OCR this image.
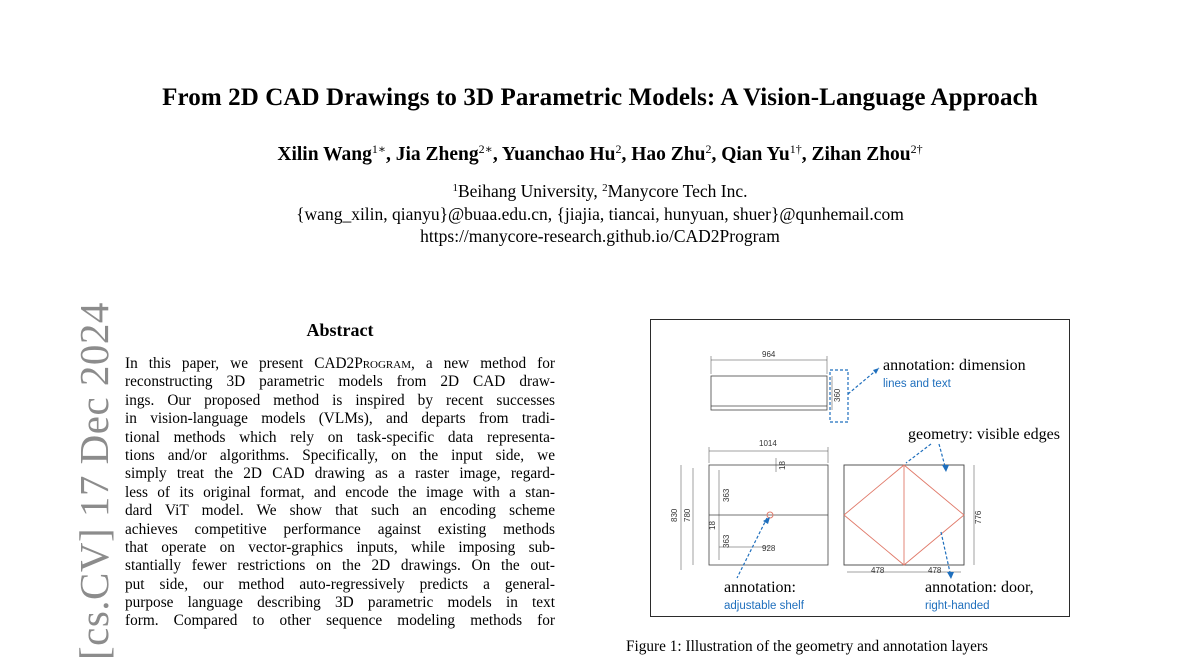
From 2D CAD Drawings to 3D Parametric Models: A Vision-Language Approach
Xilin Wang$^{1∗}$, Jia Zheng$^{2∗}$, Yuanchao Hu$^2$, Hao Zhu$^2$, Qian $Yu^{1\dagger}$, Zihan Zhou$^{2\dagger}$
$^1$Beihang University, $^2$Manycore Tech Inc.
{wang_xilin, qianyu}@buaa.edu.cn, {jiajia, tiancai, hunyuan, shuer}@qunhemail.com
https://manycore-research.github.io/CAD2Program
[cs.CV] 17 Dec 2024	Abstract
In this paper, we present CAD2Program, a new method for
reconstructing 3D parametric models from 2D CAD draw-
ings. Our proposed method is inspired by recent successes
in vision-language models (VLMs), and departs from tradi-
tional methods which rely on task-specific data representa-
tions and/or algorithms. Specifically, on the input side, we
simply treat the 2D CAD drawing as a raster image, regard-
less of its original format, and encode the image with a stan-
dard ViT model. We show that such an encoding scheme
achieves competitive performance against existing methods
that operate on vector-graphics inputs, while imposing sub-
stantially fewer restrictions on the 2D drawings. On the out-
put side, our method auto-regressively predicts a general-
purpose language describing 3D parametric models in text
form. Compared to other sequence modeling methods for
964
360
annotation: dimension
lines and text
1014
830 780
363
363
928
18
18
annotation:
adjustable shelf
776
478	478
geometry: visible edges
annotation: door,
right-handed
Figure 1: Illustration of the geometry and annotation layers
